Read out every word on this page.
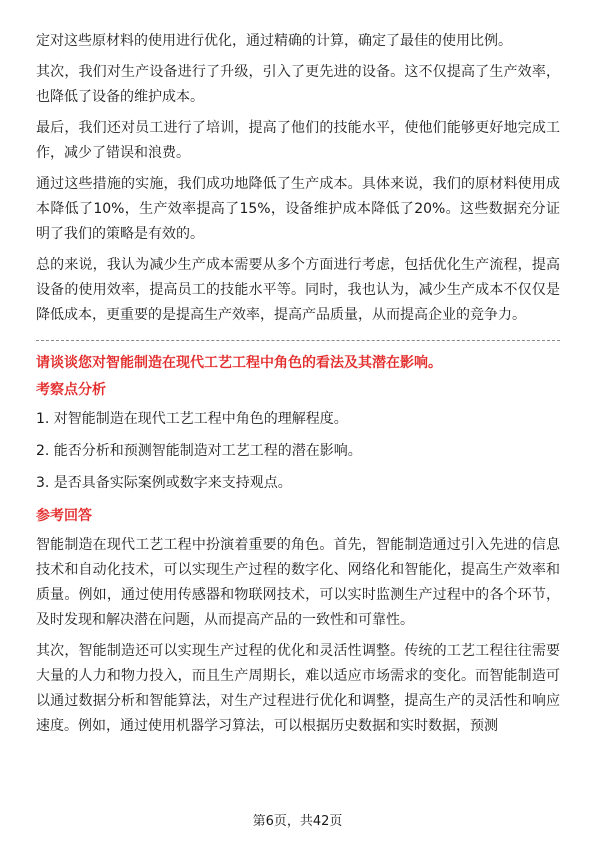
定对这些原材料的使用进行优化，通过精确的计算，确定了最佳的使用比例。

其次，我们对生产设备进行了升级，引入了更先进的设备。这不仅提高了生产效率，也降低了设备的维护成本。

最后，我们还对员工进行了培训，提高了他们的技能水平，使他们能够更好地完成工作，减少了错误和浪费。

通过这些措施的实施，我们成功地降低了生产成本。具体来说，我们的原材料使用成本降低了10%，生产效率提高了15%，设备维护成本降低了20%。这些数据充分证明了我们的策略是有效的。

总的来说，我认为减少生产成本需要从多个方面进行考虑，包括优化生产流程，提高设备的使用效率，提高员工的技能水平等。同时，我也认为，减少生产成本不仅仅是降低成本，更重要的是提高生产效率，提高产品质量，从而提高企业的竞争力。

请谈谈您对智能制造在现代工艺工程中角色的看法及其潜在影响。

考察点分析

1. 对智能制造在现代工艺工程中角色的理解程度。

2. 能否分析和预测智能制造对工艺工程的潜在影响。

3. 是否具备实际案例或数字来支持观点。

参考回答

智能制造在现代工艺工程中扮演着重要的角色。首先，智能制造通过引入先进的信息技术和自动化技术，可以实现生产过程的数字化、网络化和智能化，提高生产效率和质量。例如，通过使用传感器和物联网技术，可以实时监测生产过程中的各个环节，及时发现和解决潜在问题，从而提高产品的一致性和可靠性。

其次，智能制造还可以实现生产过程的优化和灵活性调整。传统的工艺工程往往需要大量的人力和物力投入，而且生产周期长，难以适应市场需求的变化。而智能制造可以通过数据分析和智能算法，对生产过程进行优化和调整，提高生产的灵活性和响应速度。例如，通过使用机器学习算法，可以根据历史数据和实时数据，预测

第6页，共42页
